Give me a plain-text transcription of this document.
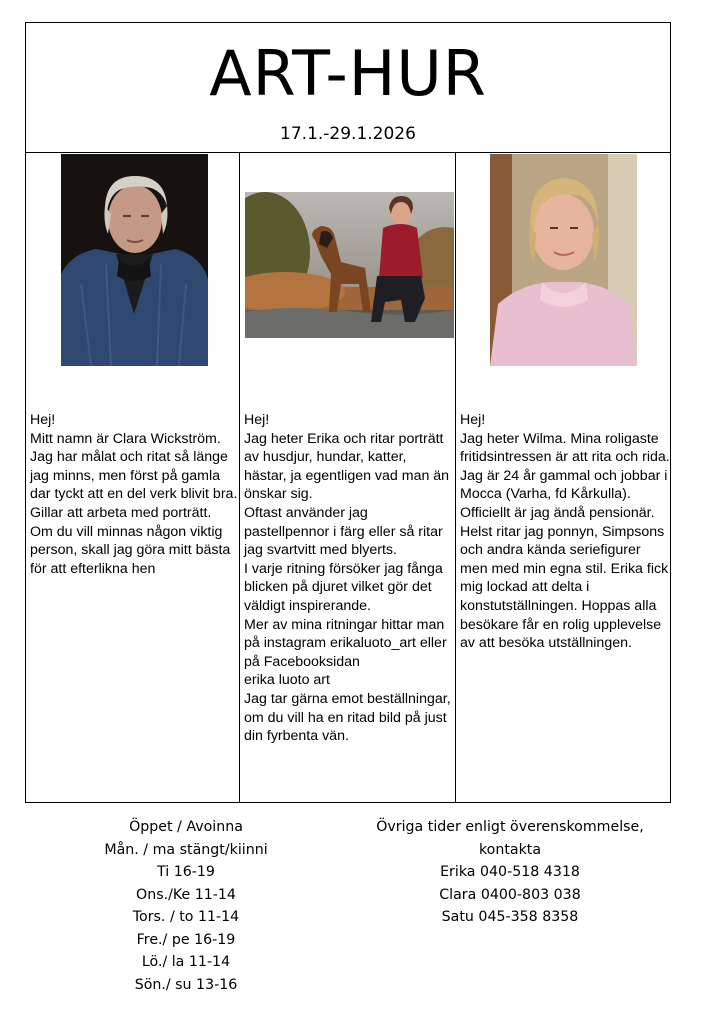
ART-HUR
17.1.-29.1.2026
Hej!
Mitt namn är Clara Wickström. Jag har målat och ritat så länge jag minns, men först på gamla dar tyckt att en del verk blivit bra. Gillar att arbeta med porträtt. Om du vill minnas någon viktig person, skall jag göra mitt bästa för att efterlikna hen
Hej!
Jag heter Erika och ritar porträtt av husdjur, hundar, katter, hästar, ja egentligen vad man än önskar sig.
Oftast använder jag pastellpennor i färg eller så ritar jag svartvitt med blyerts.
I varje ritning försöker jag fånga blicken på djuret vilket gör det väldigt inspirerande.
Mer av mina ritningar hittar man på instagram erikaluoto_art eller på Facebooksidan
erika luoto art
Jag tar gärna emot beställningar, om du vill ha en ritad bild på just din fyrbenta vän.
Hej!
Jag heter Wilma. Mina roligaste fritidsintressen är att rita och rida. Jag är 24 år gammal och jobbar i Mocca (Varha, fd Kårkulla). Officiellt är jag ändå pensionär. Helst ritar jag ponnyn, Simpsons och andra kända seriefigurer men med min egna stil. Erika fick mig lockad att delta i konstutställningen. Hoppas alla besökare får en rolig upplevelse av att besöka utställningen.
Öppet / Avoinna
Mån. / ma stängt/kiinni
Ti 16-19
Ons./Ke 11-14
Tors. / to 11-14
Fre./ pe 16-19
Lö./ la 11-14
Sön./ su 13-16
Övriga tider enligt överenskommelse,
kontakta
Erika 040-518 4318
Clara 0400-803 038
Satu 045-358 8358
